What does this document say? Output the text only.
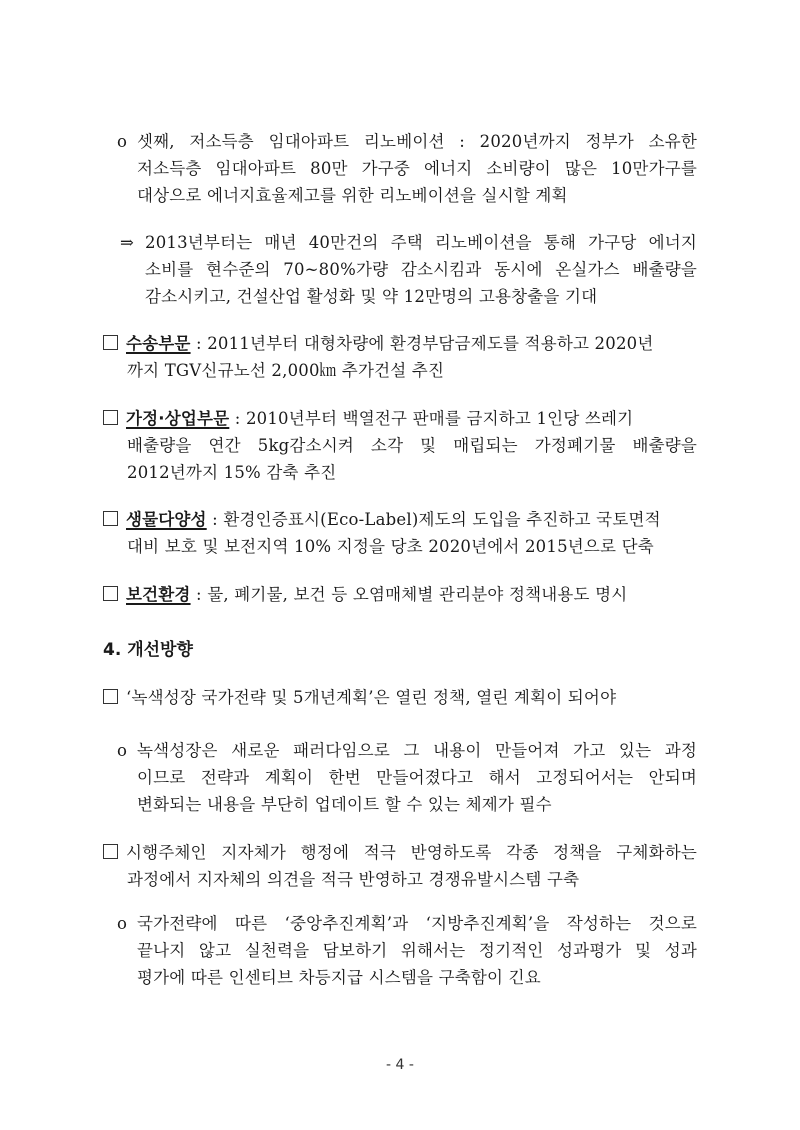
o 셋째, 저소득층 임대아파트 리노베이션 : 2020년까지 정부가 소유한
저소득층 임대아파트 80만 가구중 에너지 소비량이 많은 10만가구를
대상으로 에너지효율제고를 위한 리노베이션을 실시할 계획
⇒ 2013년부터는 매년 40만건의 주택 리노베이션을 통해 가구당 에너지
소비를 현수준의 70~80%가량 감소시킴과 동시에 온실가스 배출량을
감소시키고, 건설산업 활성화 및 약 12만명의 고용창출을 기대
수송부문 : 2011년부터 대형차량에 환경부담금제도를 적용하고 2020년
까지 TGV신규노선 2,000㎞ 추가건설 추진
가정·상업부문 : 2010년부터 백열전구 판매를 금지하고 1인당 쓰레기
배출량을 연간 5kg감소시켜 소각 및 매립되는 가정폐기물 배출량을
2012년까지 15% 감축 추진
생물다양성 : 환경인증표시(Eco-Label)제도의 도입을 추진하고 국토면적
대비 보호 및 보전지역 10% 지정을 당초 2020년에서 2015년으로 단축
보건환경 : 물, 폐기물, 보건 등 오염매체별 관리분야 정책내용도 명시
4. 개선방향
‘녹색성장 국가전략 및 5개년계획’은 열린 정책, 열린 계획이 되어야
o 녹색성장은 새로운 패러다임으로 그 내용이 만들어져 가고 있는 과정
이므로 전략과 계획이 한번 만들어졌다고 해서 고정되어서는 안되며
변화되는 내용을 부단히 업데이트 할 수 있는 체제가 필수
시행주체인 지자체가 행정에 적극 반영하도록 각종 정책을 구체화하는
과정에서 지자체의 의견을 적극 반영하고 경쟁유발시스템 구축
o 국가전략에 따른 ‘중앙추진계획’과 ‘지방추진계획’을 작성하는 것으로
끝나지 않고 실천력을 담보하기 위해서는 정기적인 성과평가 및 성과
평가에 따른 인센티브 차등지급 시스템을 구축함이 긴요
- 4 -
